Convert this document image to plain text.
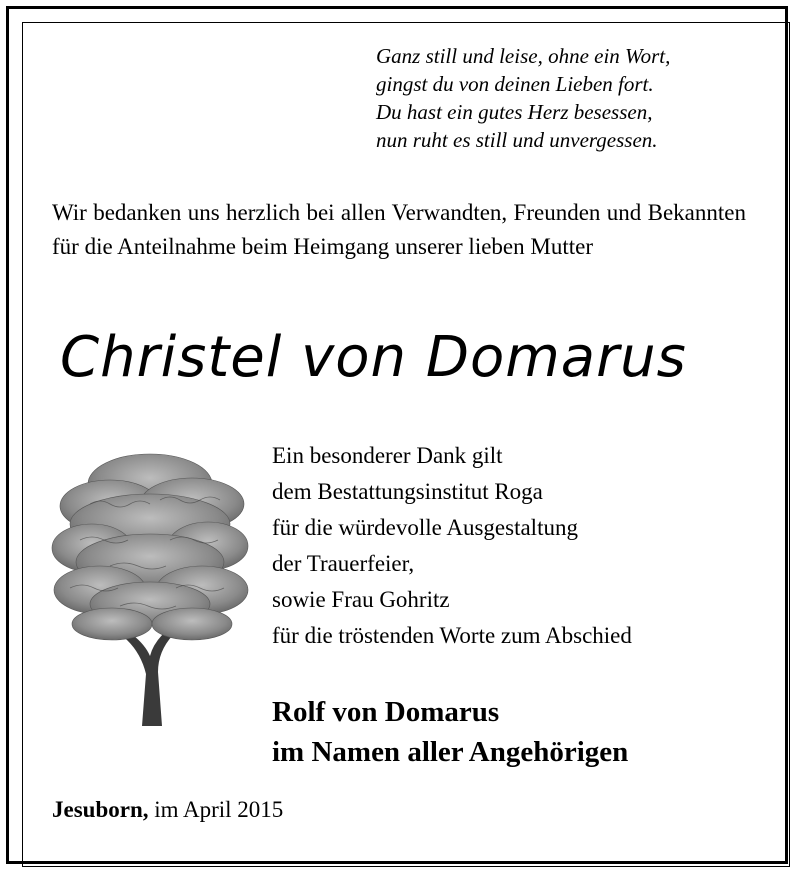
Ganz still und leise, ohne ein Wort,
gingst du von deinen Lieben fort.
Du hast ein gutes Herz besessen,
nun ruht es still und unvergessen.
Wir bedanken uns herzlich bei allen Verwandten, Freunden und Bekannten für die Anteilnahme beim Heimgang unserer lieben Mutter
Christel von Domarus
Ein besonderer Dank gilt
dem Bestattungsinstitut Roga
für die würdevolle Ausgestaltung
der Trauerfeier,
sowie Frau Gohritz
für die tröstenden Worte zum Abschied
Rolf von Domarus
im Namen aller Angehörigen
Jesuborn, im April 2015
